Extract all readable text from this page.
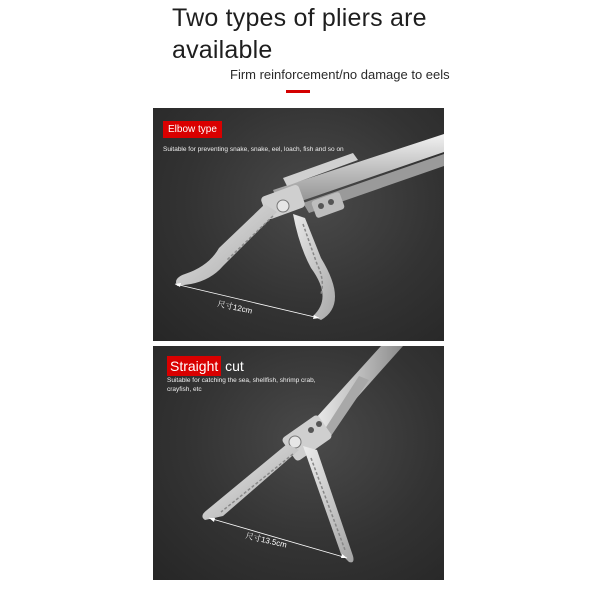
Two types of pliers are available
Firm reinforcement/no damage to eels
Elbow type
Suitable for preventing snake, snake, eel, loach, fish and so on
尺寸12cm
Straight cut
Suitable for catching the sea, shellfish, shrimp crab, crayfish, etc
尺寸13.5cm
